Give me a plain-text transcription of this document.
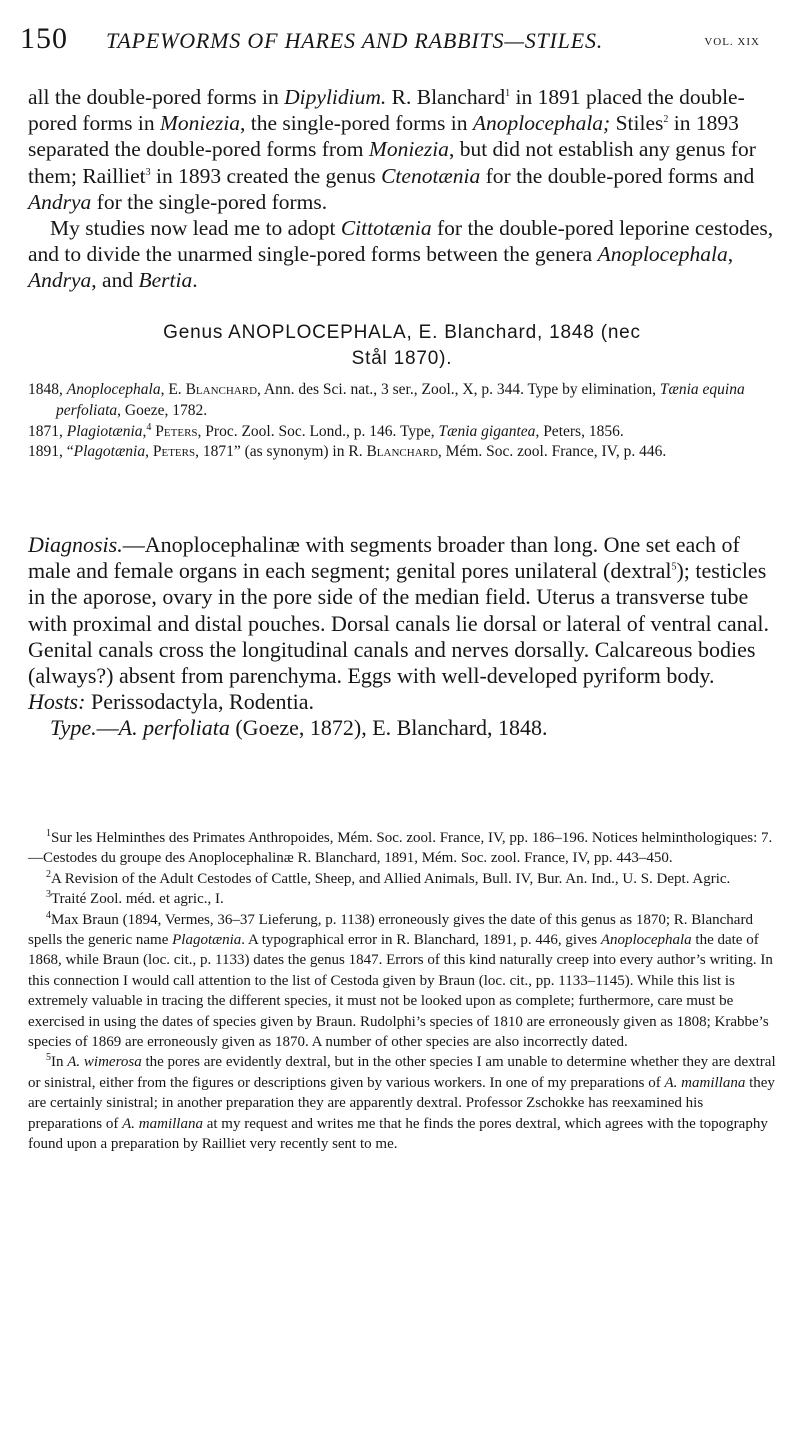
150 TAPEWORMS OF HARES AND RABBITS—STILES.	VOL. XIX

all the double-pored forms in Dipylidium. R. Blanchard$^1$ in 1891 placed the double-pored forms in Moniezia, the single-pored forms in Anoplocephala; Stiles$^2$ in 1893 separated the double-pored forms from Moniezia, but did not establish any genus for them; Railliet$^3$ in 1893 created the genus Ctenotænia for the double-pored forms and Andrya for the single-pored forms.

My studies now lead me to adopt Cittotænia for the double-pored leporine cestodes, and to divide the unarmed single-pored forms between the genera Anoplocephala, Andrya, and Bertia.

Genus ANOPLOCEPHALA, E. Blanchard, 1848 (nec
Stål 1870).

1848, Anoplocephala, E. Blanchard, Ann. des Sci. nat., 3 ser., Zool., X, p. 344. Type by elimination, Tænia equina perfoliata, Goeze, 1782.

1871, Plagiotænia,$^4$ Peters, Proc. Zool. Soc. Lond., p. 146. Type, Tænia gigantea, Peters, 1856.

1891, “Plagotænia, Peters, 1871” (as synonym) in R. Blanchard, Mém. Soc. zool. France, IV, p. 446.

Diagnosis.—Anoplocephalinæ with segments broader than long. One set each of male and female organs in each segment; genital pores unilateral (dextral$^5$); testicles in the aporose, ovary in the pore side of the median field. Uterus a transverse tube with proximal and distal pouches. Dorsal canals lie dorsal or lateral of ventral canal. Genital canals cross the longitudinal canals and nerves dorsally. Calcareous bodies (always?) absent from parenchyma. Eggs with well-developed pyriform body. Hosts: Perissodactyla, Rodentia.

Type.—A. perfoliata (Goeze, 1872), E. Blanchard, 1848.

$^1$Sur les Helminthes des Primates Anthropoides, Mém. Soc. zool. France, IV, pp. 186–196. Notices helminthologiques: 7.—Cestodes du groupe des Anoplocephalinæ R. Blanchard, 1891, Mém. Soc. zool. France, IV, pp. 443–450.

$^2$A Revision of the Adult Cestodes of Cattle, Sheep, and Allied Animals, Bull. IV, Bur. An. Ind., U. S. Dept. Agric.

$^3$Traité Zool. méd. et agric., I.

$^4$Max Braun (1894, Vermes, 36–37 Lieferung, p. 1138) erroneously gives the date of this genus as 1870; R. Blanchard spells the generic name Plagotænia. A typographical error in R. Blanchard, 1891, p. 446, gives Anoplocephala the date of 1868, while Braun (loc. cit., p. 1133) dates the genus 1847. Errors of this kind naturally creep into every author’s writing. In this connection I would call attention to the list of Cestoda given by Braun (loc. cit., pp. 1133–1145). While this list is extremely valuable in tracing the different species, it must not be looked upon as complete; furthermore, care must be exercised in using the dates of species given by Braun. Rudolphi’s species of 1810 are erroneously given as 1808; Krabbe’s species of 1869 are erroneously given as 1870. A number of other species are also incorrectly dated.

$^5$In A. wimerosa the pores are evidently dextral, but in the other species I am unable to determine whether they are dextral or sinistral, either from the figures or descriptions given by various workers. In one of my preparations of A. mamillana they are certainly sinistral; in another preparation they are apparently dextral. Professor Zschokke has reexamined his preparations of A. mamillana at my request and writes me that he finds the pores dextral, which agrees with the topography found upon a preparation by Railliet very recently sent to me.
